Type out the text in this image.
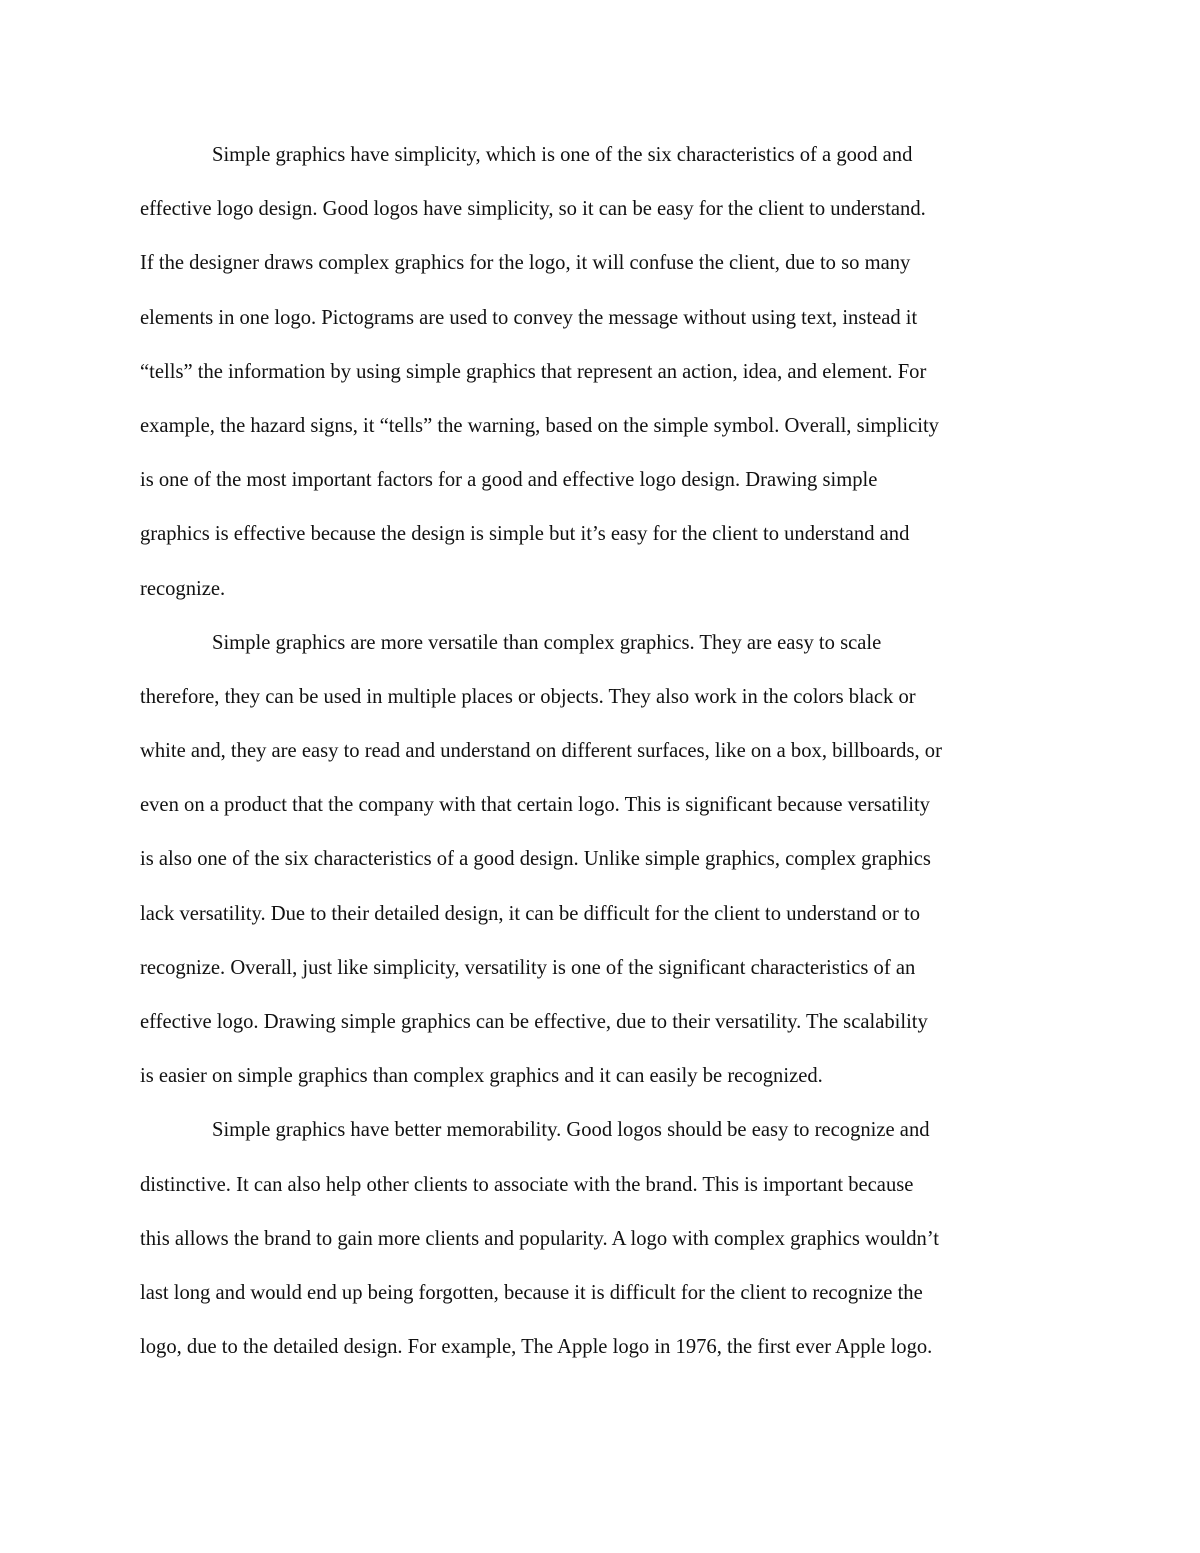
Simple graphics have simplicity, which is one of the six characteristics of a good and
effective logo design. Good logos have simplicity, so it can be easy for the client to understand.
If the designer draws complex graphics for the logo, it will confuse the client, due to so many
elements in one logo. Pictograms are used to convey the message without using text, instead it
“tells” the information by using simple graphics that represent an action, idea, and element. For
example, the hazard signs, it “tells” the warning, based on the simple symbol. Overall, simplicity
is one of the most important factors for a good and effective logo design. Drawing simple
graphics is effective because the design is simple but it’s easy for the client to understand and
recognize.

Simple graphics are more versatile than complex graphics. They are easy to scale
therefore, they can be used in multiple places or objects. They also work in the colors black or
white and, they are easy to read and understand on different surfaces, like on a box, billboards, or
even on a product that the company with that certain logo. This is significant because versatility
is also one of the six characteristics of a good design. Unlike simple graphics, complex graphics
lack versatility. Due to their detailed design, it can be difficult for the client to understand or to
recognize. Overall, just like simplicity, versatility is one of the significant characteristics of an
effective logo. Drawing simple graphics can be effective, due to their versatility. The scalability
is easier on simple graphics than complex graphics and it can easily be recognized.

Simple graphics have better memorability. Good logos should be easy to recognize and
distinctive. It can also help other clients to associate with the brand. This is important because
this allows the brand to gain more clients and popularity. A logo with complex graphics wouldn’t
last long and would end up being forgotten, because it is difficult for the client to recognize the
logo, due to the detailed design. For example, The Apple logo in 1976, the first ever Apple logo.
